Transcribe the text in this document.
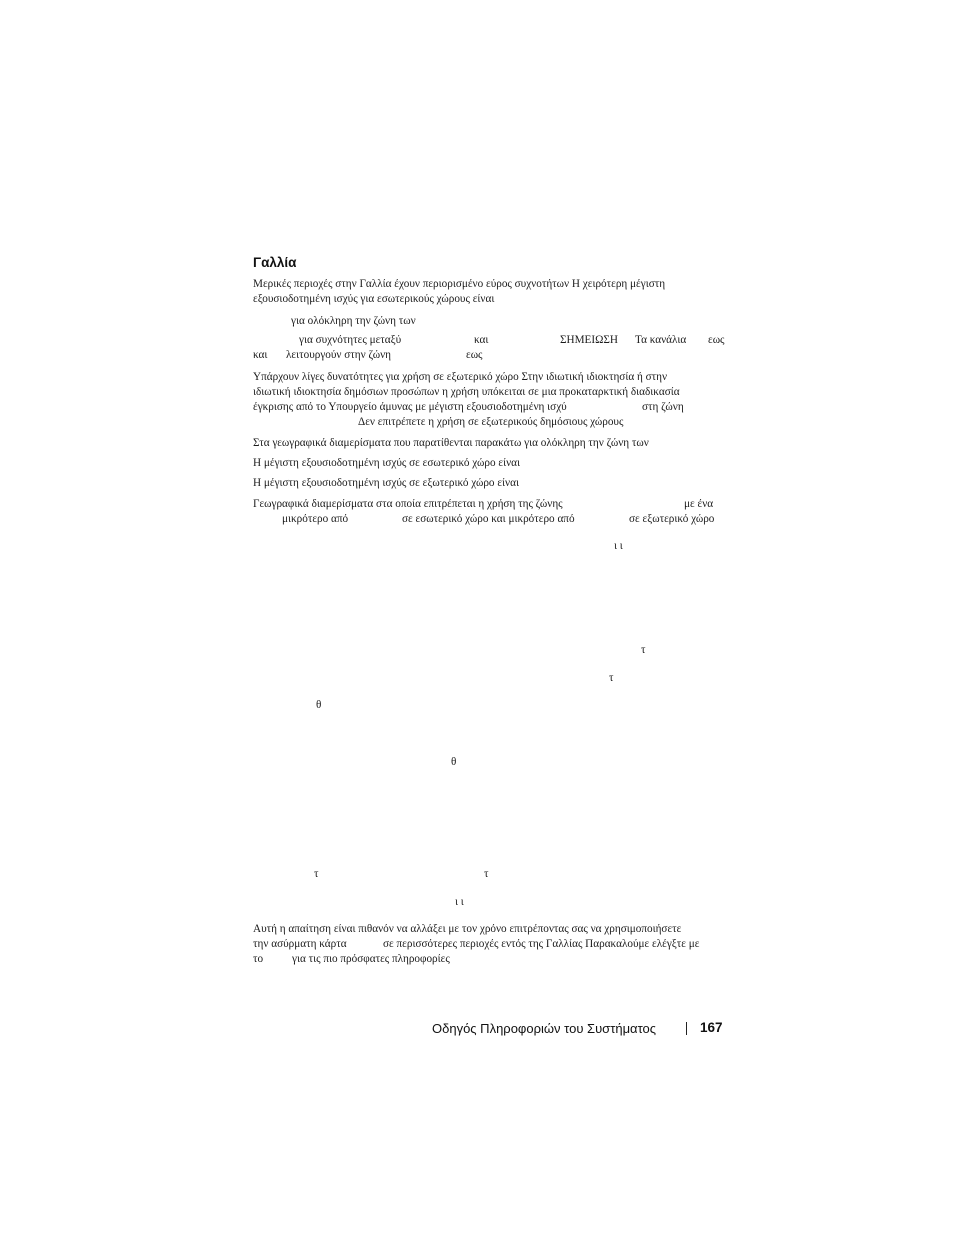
Γαλλία
Μερικές περιοχές στην Γαλλία έχουν περιορισμένο εύρος συχνοτήτων Η χειρότερη μέγιστη
εξουσιοδοτημένη ισχύς για εσωτερικούς χώρους είναι
για ολόκληρη την ζώνη των
για συχνότητες μεταξύ	και	ΣΗΜΕΙΩΣΗ Τα κανάλια εως
και λειτουργούν στην ζώνη	εως
Υπάρχουν λίγες δυνατότητες για χρήση σε εξωτερικό χώρο Στην ιδιωτική ιδιοκτησία ή στην
ιδιωτική ιδιοκτησία δημόσιων προσώπων η χρήση υπόκειται σε μια προκαταρκτική διαδικασία
έγκρισης από το Υπουργείο άμυνας με μέγιστη εξουσιοδοτημένη ισχύ	στη ζώνη
Δεν επιτρέπετε η χρήση σε εξωτερικούς δημόσιους χώρους
Στα γεωγραφικά διαμερίσματα που παρατίθενται παρακάτω για ολόκληρη την ζώνη των
Η μέγιστη εξουσιοδοτημένη ισχύς σε εσωτερικό χώρο είναι
Η μέγιστη εξουσιοδοτημένη ισχύς σε εξωτερικό χώρο είναι
Γεωγραφικά διαμερίσματα στα οποία επιτρέπεται η χρήση της ζώνης	με ένα
μικρότερο από	σε εσωτερικό χώρο και μικρότερο από	σε εξωτερικό χώρο
ι ι
τ
τ
θ
θ
τ	τ
ι ι
Αυτή η απαίτηση είναι πιθανόν να αλλάξει με τον χρόνο επιτρέποντας σας να χρησιμοποιήσετε
την ασύρματη κάρτα	σε περισσότερες περιοχές εντός της Γαλλίας Παρακαλούμε ελέγξτε με
το	για τις πιο πρόσφατες πληροφορίες
Οδηγός Πληροφοριών του Συστήματος	167
